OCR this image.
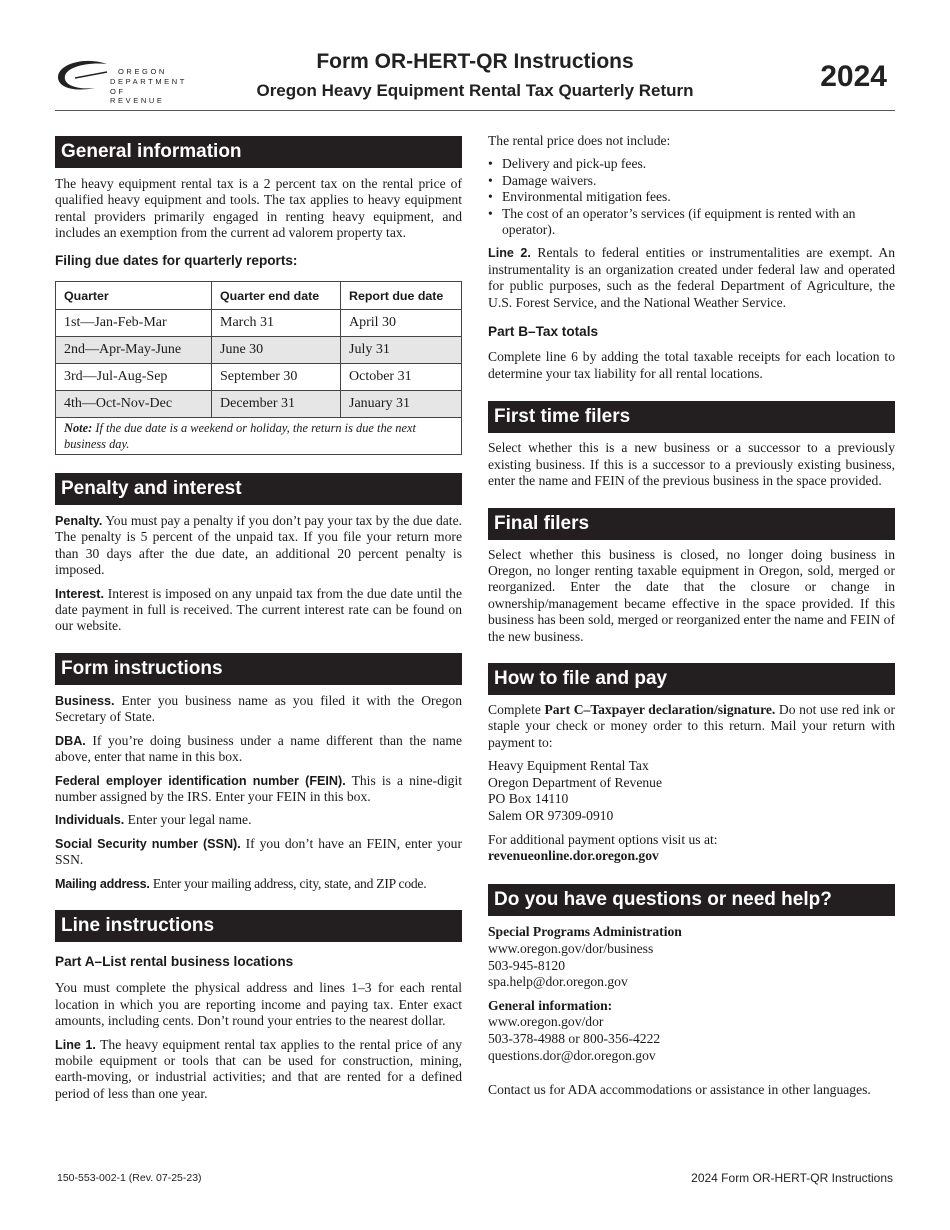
OREGON
DEPARTMENT
OF REVENUE
Form OR-HERT-QR Instructions
Oregon Heavy Equipment Rental Tax Quarterly Return	2024
General information

The heavy equipment rental tax is a 2 percent tax on the rental price of qualified heavy equipment and tools. The tax applies to heavy equipment rental providers primarily engaged in renting heavy equipment, and includes an exemption from the current ad valorem property tax.

Filing due dates for quarterly reports:

Quarter	Quarter end date	Report due date
1st—Jan-Feb-Mar	March 31	April 30
2nd—Apr-May-June	June 30	July 31
3rd—Jul-Aug-Sep	September 30	October 31
4th—Oct-Nov-Dec	December 31	January 31
Note: If the due date is a weekend or holiday, the return is due the next business day.		
Penalty and interest

Penalty. You must pay a penalty if you don’t pay your tax by the due date. The penalty is 5 percent of the unpaid tax. If you file your return more than 30 days after the due date, an additional 20 percent penalty is imposed.

Interest. Interest is imposed on any unpaid tax from the due date until the date payment in full is received. The current interest rate can be found on our website.

Form instructions

Business. Enter you business name as you filed it with the Oregon Secretary of State.

DBA. If you’re doing business under a name different than the name above, enter that name in this box.

Federal employer identification number (FEIN). This is a nine-digit number assigned by the IRS. Enter your FEIN in this box.

Individuals. Enter your legal name.

Social Security number (SSN). If you don’t have an FEIN, enter your SSN.

Mailing address. Enter your mailing address, city, state, and ZIP code.

Line instructions

Part A–List rental business locations

You must complete the physical address and lines 1–3 for each rental location in which you are reporting income and paying tax. Enter exact amounts, including cents. Don’t round your entries to the nearest dollar.

Line 1. The heavy equipment rental tax applies to the rental price of any mobile equipment or tools that can be used for construction, mining, earth-moving, or industrial activities; and that are rented for a defined period of less than one year.

The rental price does not include:

• Delivery and pick-up fees.
• Damage waivers.
• Environmental mitigation fees.
• The cost of an operator’s services (if equipment is rented with an operator).

Line 2. Rentals to federal entities or instrumentalities are exempt. An instrumentality is an organization created under federal law and operated for public purposes, such as the federal Department of Agriculture, the U.S. Forest Service, and the National Weather Service.

Part B–Tax totals

Complete line 6 by adding the total taxable receipts for each location to determine your tax liability for all rental locations.

First time filers

Select whether this is a new business or a successor to a previously existing business. If this is a successor to a previously existing business, enter the name and FEIN of the previous business in the space provided.

Final filers

Select whether this business is closed, no longer doing business in Oregon, no longer renting taxable equipment in Oregon, sold, merged or reorganized. Enter the date that the closure or change in ownership/management became effective in the space provided. If this business has been sold, merged or reorganized enter the name and FEIN of the new business.

How to file and pay

Complete Part C–Taxpayer declaration/signature. Do not use red ink or staple your check or money order to this return. Mail your return with payment to:

Heavy Equipment Rental Tax
Oregon Department of Revenue
PO Box 14110
Salem OR 97309-0910

For additional payment options visit us at:

revenueonline.dor.oregon.gov

Do you have questions or need help?
Special Programs Administration
www.oregon.gov/dor/business
503-945-8120
spa.help@dor.oregon.gov
General information:
www.oregon.gov/dor
503-378-4988 or 800-356-4222
questions.dor@dor.oregon.gov

Contact us for ADA accommodations or assistance in other languages.

150-553-002-1 (Rev. 07-25-23)	2024 Form OR-HERT-QR Instructions
